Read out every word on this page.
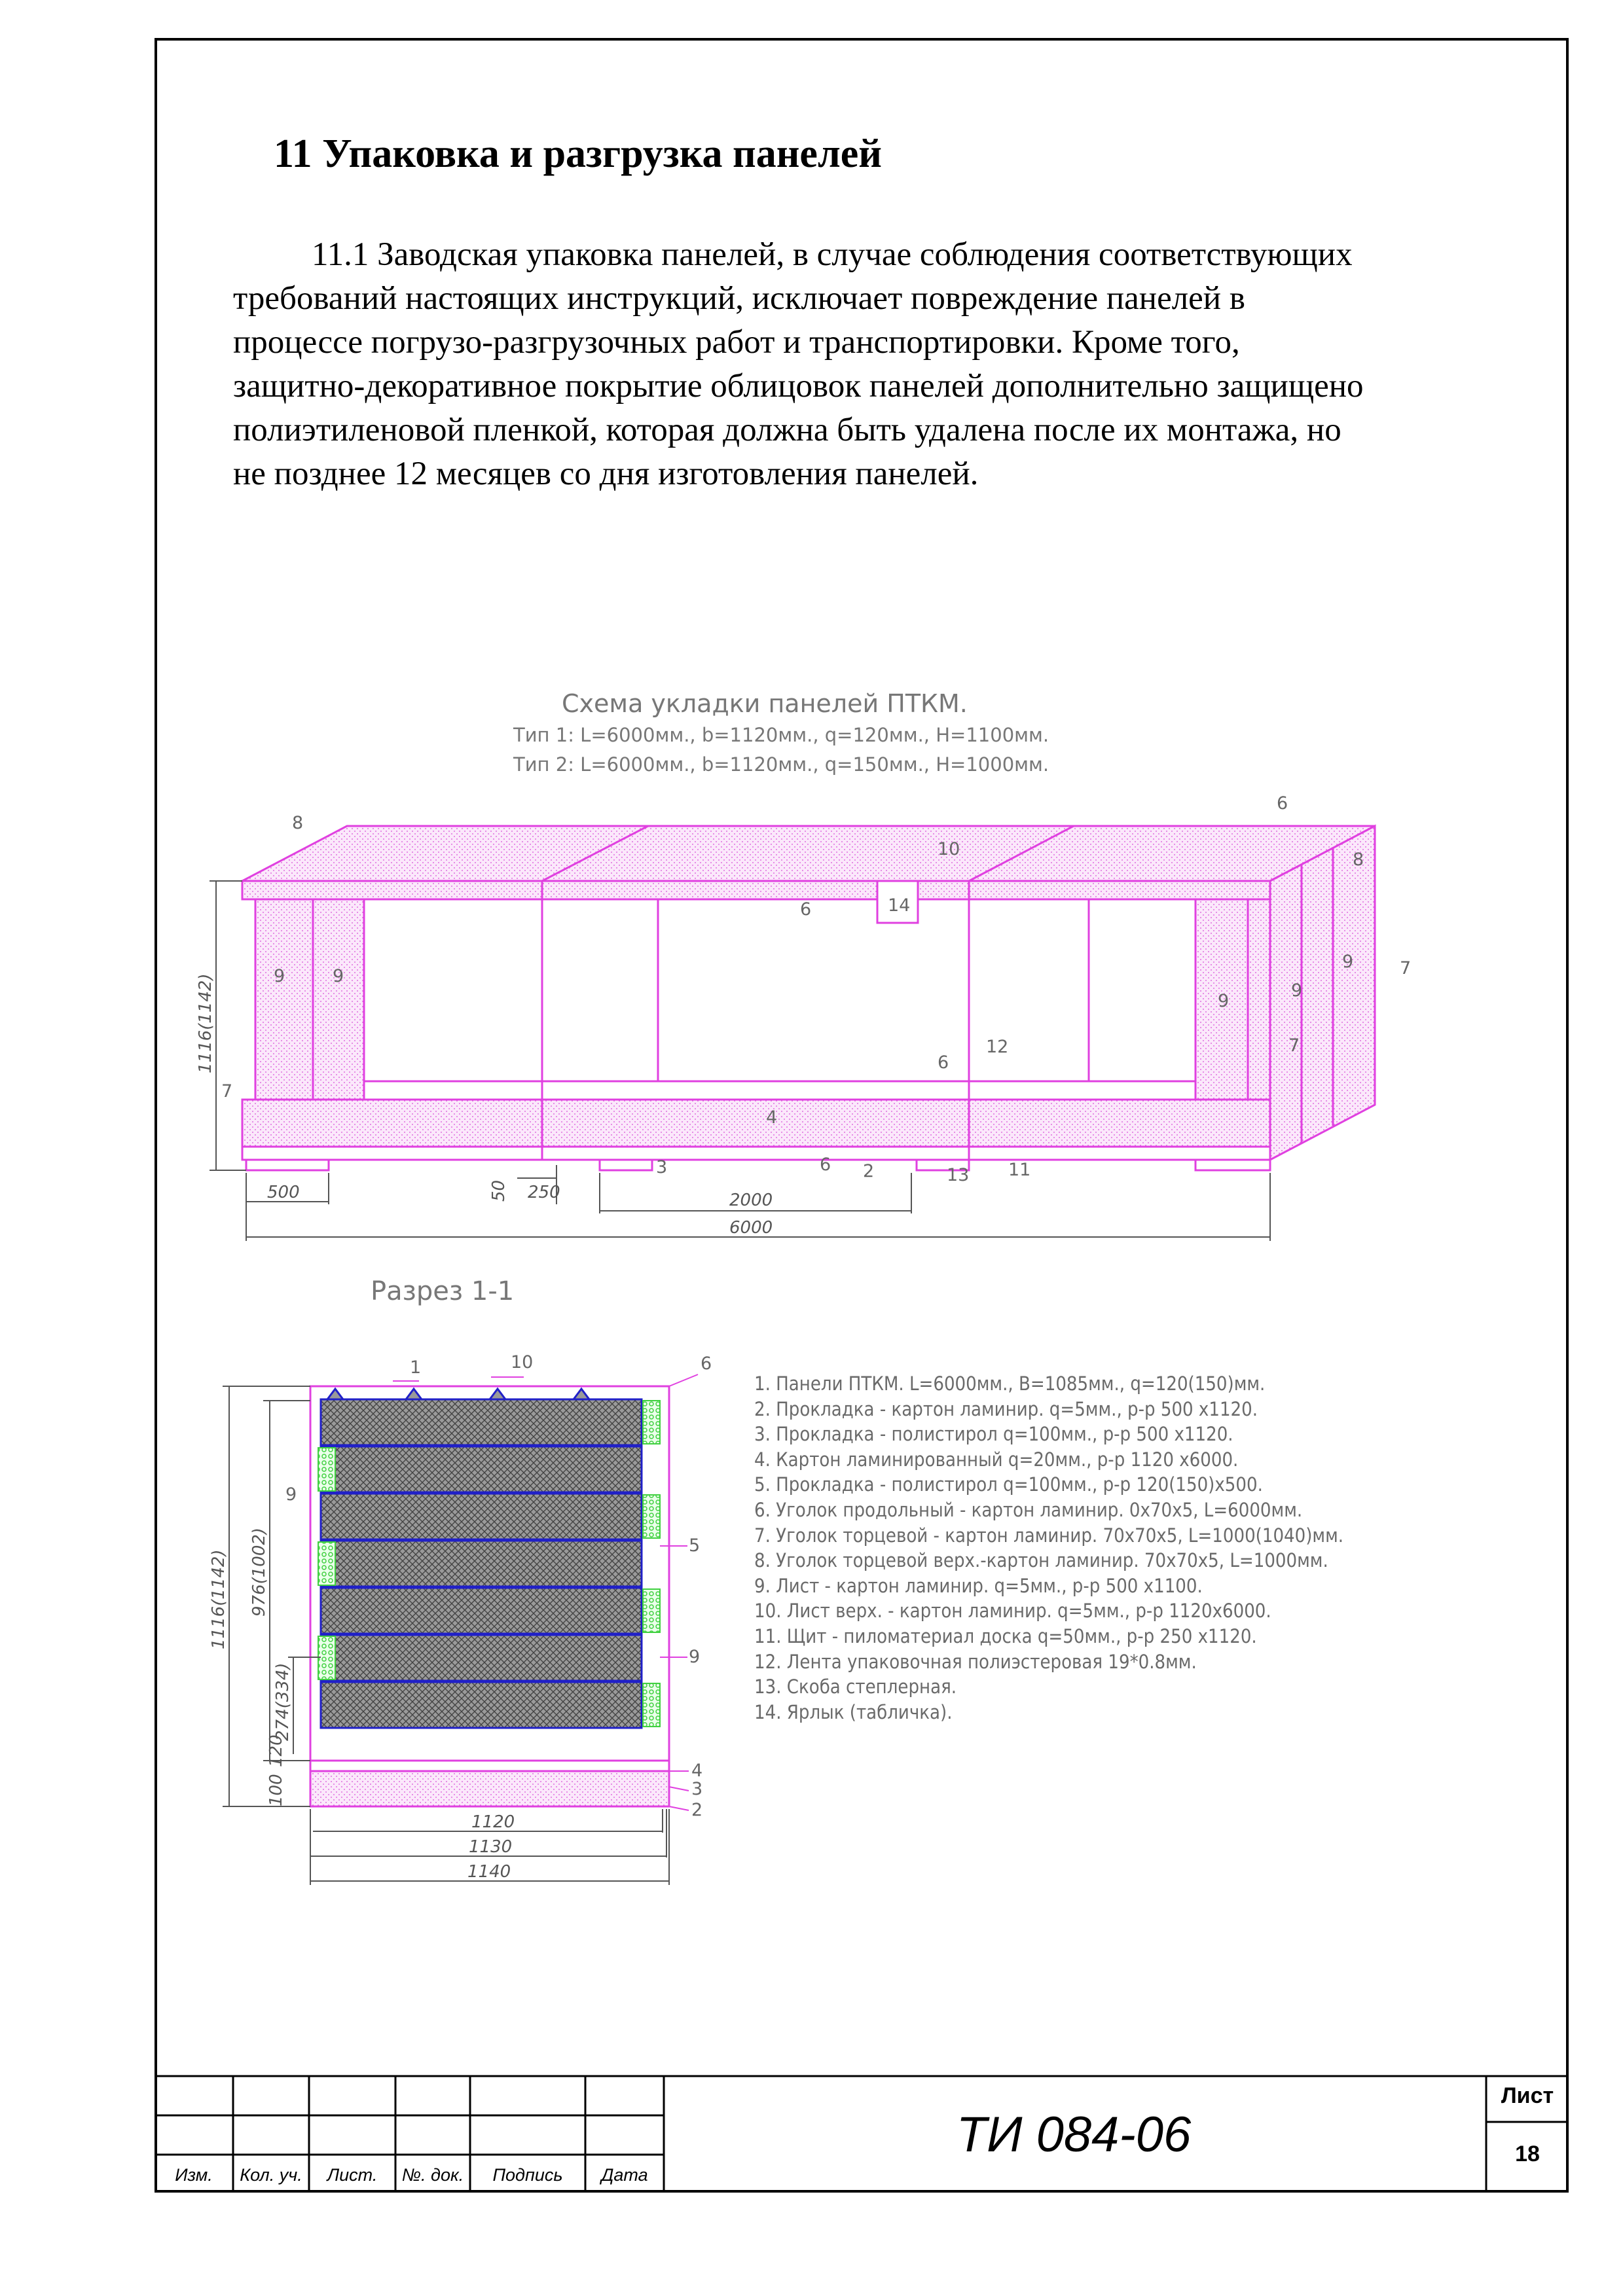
11 Упаковка и разгрузка панелей
11.1 Заводская упаковка панелей, в случае соблюдения соответствующих
требований настоящих инструкций, исключает повреждение панелей в
процессе погрузо-разгрузочных работ и транспортировки. Кроме того,
защитно-декоративное покрытие облицовок панелей дополнительно защищено
полиэтиленовой пленкой, которая должна быть удалена после их монтажа, но
не позднее 12 месяцев со дня изготовления панелей.
Схема укладки панелей ПТКМ.
Тип 1: L=6000мм., b=1120мм., q=120мм., H=1100мм.
Тип 2: L=6000мм., b=1120мм., q=150мм., H=1000мм.
1116(1142)
500	50 250	2000
6000
8
6
10
8
14
6
9	9
9
9
9	7
7
7
12
6
4
3	6 2	13 11
Разрез 1-1
1116(1142) 976(1002)
274(334)
100
120
1120
1130
1140
1	10	6
9
5
9
4
3
2
1. Панели ПТКМ. L=6000мм., B=1085мм., q=120(150)мм.
2. Прокладка - картон ламинир. q=5мм., р-р 500 х1120.
3. Прокладка - полистирол q=100мм., р-р 500 х1120.
4. Картон ламинированный q=20мм., р-р 1120 х6000.
5. Прокладка - полистирол q=100мм., р-р 120(150)х500.
6. Уголок продольный - картон ламинир. 0х70х5, L=6000мм.
7. Уголок торцевой - картон ламинир. 70х70х5, L=1000(1040)мм.
8. Уголок торцевой верх.-картон ламинир. 70х70х5, L=1000мм.
9. Лист - картон ламинир. q=5мм., р-р 500 х1100.
10. Лист верх. - картон ламинир. q=5мм., р-р 1120х6000.
11. Щит - пиломатериал доска q=50мм., р-р 250 х1120.
12. Лента упаковочная полиэстеровая 19*0.8мм.
13. Скоба степлерная.
14. Ярлык (табличка).
Изм.	Кол. уч.	Лист.	№. док.	Подпись	Дата
ТИ 084-06
Лист
18
